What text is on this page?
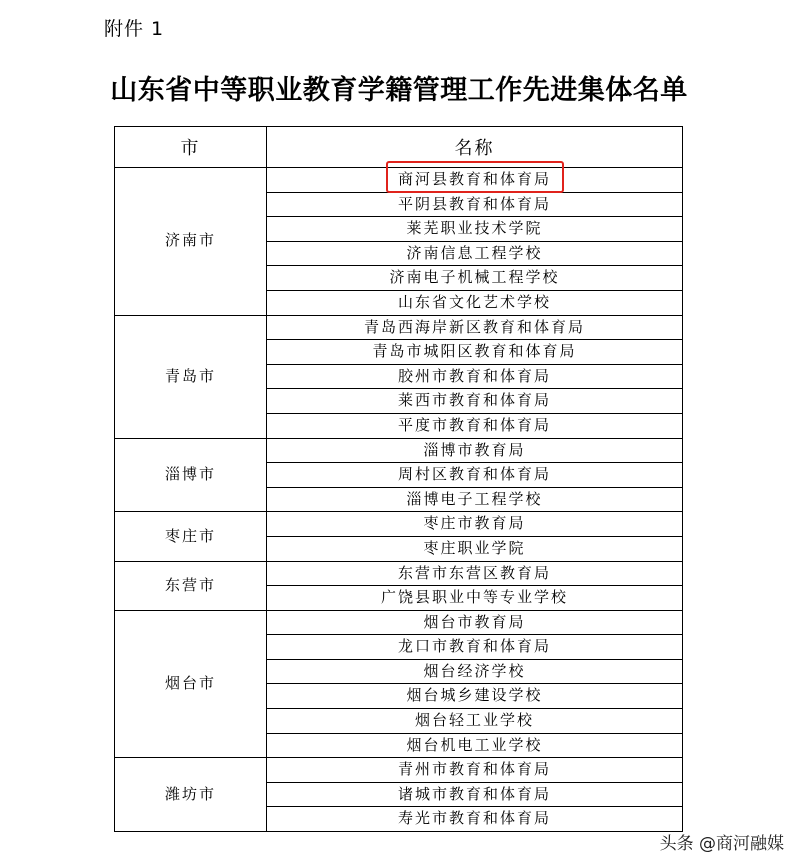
附件 1
山东省中等职业教育学籍管理工作先进集体名单
市	名称
济南市	商河县教育和体育局
	平阴县教育和体育局
	莱芜职业技术学院
	济南信息工程学校
	济南电子机械工程学校
	山东省文化艺术学校
青岛市	青岛西海岸新区教育和体育局
	青岛市城阳区教育和体育局
	胶州市教育和体育局
	莱西市教育和体育局
	平度市教育和体育局
淄博市	淄博市教育局
	周村区教育和体育局
	淄博电子工程学校
枣庄市	枣庄市教育局
	枣庄职业学院
东营市	东营市东营区教育局
	广饶县职业中等专业学校
烟台市	烟台市教育局
	龙口市教育和体育局
	烟台经济学校
	烟台城乡建设学校
	烟台轻工业学校
	烟台机电工业学校
潍坊市	青州市教育和体育局
	诸城市教育和体育局
	寿光市教育和体育局
头条 @商河融媒
